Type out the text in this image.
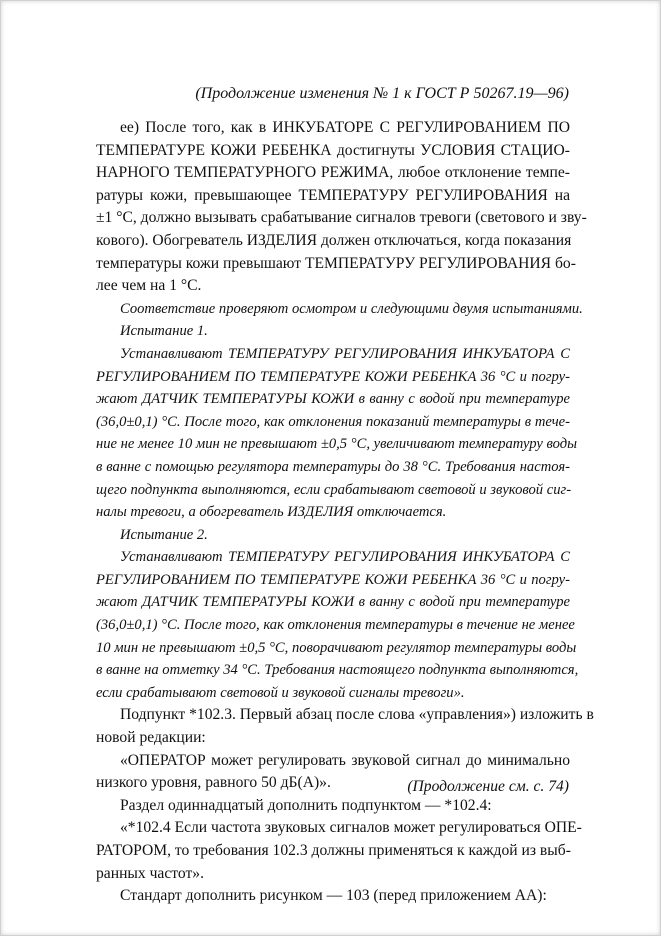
(Продолжение изменения № 1 к ГОСТ Р 50267.19—96)
ее) После того, как в ИНКУБАТОРЕ С РЕГУЛИРОВАНИЕМ ПО
ТЕМПЕРАТУРЕ КОЖИ РЕБЕНКА достигнуты УСЛОВИЯ СТАЦИО-
НАРНОГО ТЕМПЕРАТУРНОГО РЕЖИМА, любое отклонение темпе-
ратуры кожи, превышающее ТЕМПЕРАТУРУ РЕГУЛИРОВАНИЯ на
±1 °С, должно вызывать срабатывание сигналов тревоги (светового и зву-
кового). Обогреватель ИЗДЕЛИЯ должен отключаться, когда показания
температуры кожи превышают ТЕМПЕРАТУРУ РЕГУЛИРОВАНИЯ бо-
лее чем на 1 °С.
Соответствие проверяют осмотром и следующими двумя испытаниями.
Испытание 1.
Устанавливают ТЕМПЕРАТУРУ РЕГУЛИРОВАНИЯ ИНКУБАТОРА С
РЕГУЛИРОВАНИЕМ ПО ТЕМПЕРАТУРЕ КОЖИ РЕБЕНКА 36 °С и погру-
жают ДАТЧИК ТЕМПЕРАТУРЫ КОЖИ в ванну с водой при температуре
(36,0±0,1) °С. После того, как отклонения показаний температуры в тече-
ние не менее 10 мин не превышают ±0,5 °С, увеличивают температуру воды
в ванне с помощью регулятора температуры до 38 °С. Требования настоя-
щего подпункта выполняются, если срабатывают световой и звуковой сиг-
налы тревоги, а обогреватель ИЗДЕЛИЯ отключается.
Испытание 2.
Устанавливают ТЕМПЕРАТУРУ РЕГУЛИРОВАНИЯ ИНКУБАТОРА С
РЕГУЛИРОВАНИЕМ ПО ТЕМПЕРАТУРЕ КОЖИ РЕБЕНКА 36 °С и погру-
жают ДАТЧИК ТЕМПЕРАТУРЫ КОЖИ в ванну с водой при температуре
(36,0±0,1) °С. После того, как отклонения температуры в течение не менее
10 мин не превышают ±0,5 °С, поворачивают регулятор температуры воды
в ванне на отметку 34 °С. Требования настоящего подпункта выполняются,
если срабатывают световой и звуковой сигналы тревоги».
Подпункт *102.3. Первый абзац после слова «управления») изложить в
новой редакции:
«ОПЕРАТОР может регулировать звуковой сигнал до минимально
низкого уровня, равного 50 дБ(А)».
Раздел одиннадцатый дополнить подпунктом — *102.4:
«*102.4 Если частота звуковых сигналов может регулироваться ОПЕ-
РАТОРОМ, то требования 102.3 должны применяться к каждой из выб-
ранных частот».
Стандарт дополнить рисунком — 103 (перед приложением АА):
(Продолжение см. с. 74)
